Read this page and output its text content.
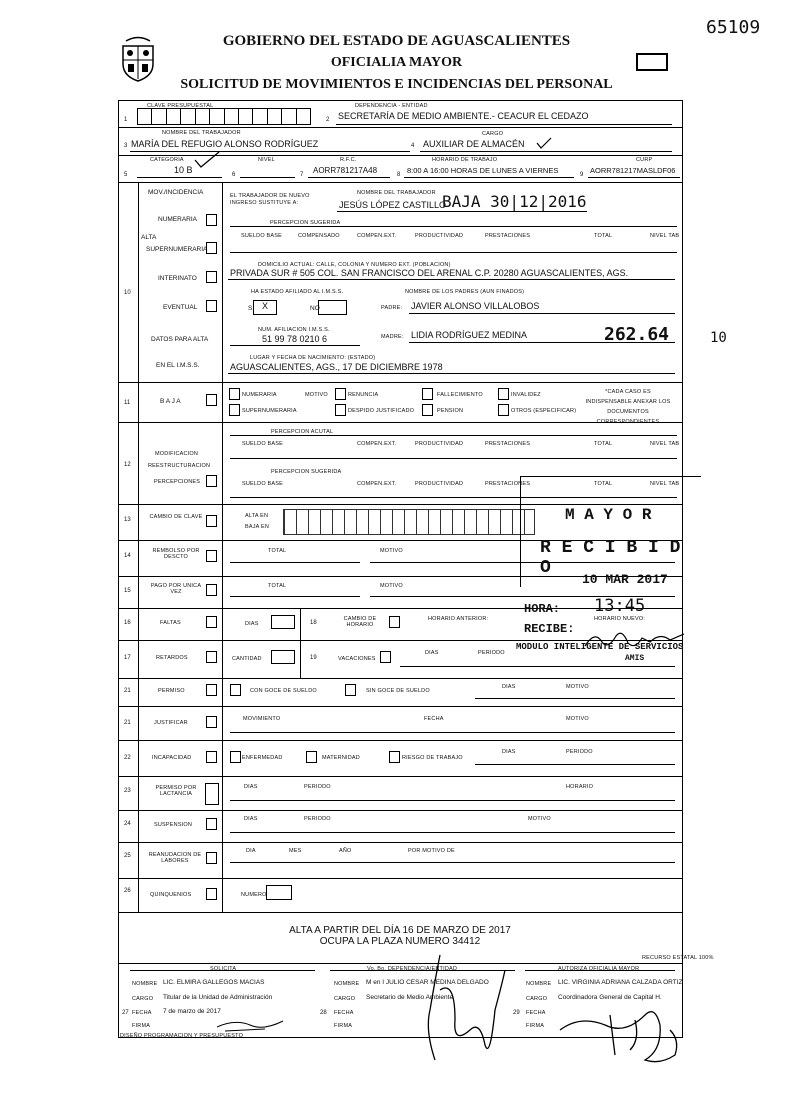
GOBIERNO DEL ESTADO DE AGUASCALIENTES
OFICIALIA MAYOR
SOLICITUD DE MOVIMIENTOS E INCIDENCIAS DEL PERSONAL
65109
1
CLAVE PRESUPUESTAL
2
DEPENDENCIA - ENTIDAD
SECRETARÍA DE MEDIO AMBIENTE.- CEACUR EL CEDAZO
NOMBRE DEL TRABAJADOR
3 MARÍA DEL REFUGIO ALONSO RODRÍGUEZ
CARGO
4 AUXILIAR DE ALMACÉN
CATEGORIA
5	10 B
NIVEL
6
R.F.C.
7 AORR781217A48
HORARIO DE TRABAJO
8 8:00 A 16:00 HORAS DE LUNES A VIERNES
CURP
9 AORR781217MASLDF06
MOV./INCIDENCIA
10
EL TRABAJADOR DE NUEVO INGRESO SUSTITUYE A:
NOMBRE DEL TRABAJADOR
JESÚS LÓPEZ CASTILLO
BAJA 30|12|2016
NUMERARIA
ALTA
SUPERNUMERARIA
INTERINATO
EVENTUAL
DATOS PARA ALTA
EN EL I.M.S.S.
PERCEPCION SUGERIDA
SUELDO BASE	COMPENSADO	COMPEN.EXT.	PRODUCTIVIDAD	PRESTACIONES	TOTAL	NIVEL TAB
DOMICILIO ACTUAL: CALLE, COLONIA Y NUMERO EXT. (POBLACION)
PRIVADA SUR # 505 COL. SAN FRANCISCO DEL ARENAL C.P. 20280 AGUASCALIENTES, AGS.
HA ESTADO AFILIADO AL I.M.S.S.
SI X	NO
NOMBRE DE LOS PADRES (AUN FINADOS)
PADRE: JAVIER ALONSO VILLALOBOS
NUM. AFILIACION I.M.S.S.
51 99 78 0210 6	MADRE: LIDIA RODRÍGUEZ MEDINA	262.64	10
LUGAR Y FECHA DE NACIMIENTO: (ESTADO)
AGUASCALIENTES, AGS., 17 DE DICIEMBRE 1978
11	B A J A
NUMERARIA	MOTIVO	RENUNCIA	FALLECIMIENTO	INVALIDEZ
SUPERNUMERARIA	DESPIDO JUSTIFICADO	PENSION	OTROS (ESPECIFICAR)
*CADA CASO ES INDISPENSABLE ANEXAR LOS DOCUMENTOS CORRESPONDIENTES
12
MODIFICACION
REESTRUCTURACION
PERCEPCIONES
PERCEPCION ACUTAL
SUELDO BASE	COMPEN.EXT.	PRODUCTIVIDAD	PRESTACIONES	TOTAL	NIVEL TAB
PERCEPCION SUGERIDA
SUELDO BASE	COMPEN.EXT.	PRODUCTIVIDAD	PRESTACIONES	TOTAL	NIVEL TAB
13	CAMBIO DE CLAVE	ALTA EN
BAJA EN
14
REMBOLSO POR DESCTO
TOTAL	MOTIVO
15
PAGO POR UNICA VEZ
TOTAL	MOTIVO
16	FALTAS	DIAS	18
CAMBIO DE HORARIO
HORARIO ANTERIOR:	HORARIO NUEVO:
17	RETARDOS	CANTIDAD	19	VACACIONES
DIAS	PERIODO
21	PERMISO	CON GOCE DE SUELDO	SIN GOCE DE SUELDO
DIAS	MOTIVO
21	JUSTIFICAR
MOVIMIENTO	FECHA	MOTIVO
22	INCAPACIDAD	ENFERMEDAD	MATERNIDAD	RIESGO DE TRABAJO
DIAS	PERIODO
23	PERMISO POR LACTANCIA
DIAS	PERIODO	HORARIO
24	SUSPENSION
DIAS	PERIODO	MOTIVO
25	REANUDACION DE LABORES
DIA	MES	AÑO	POR MOTIVO DE
26
QUINQUENIOS	NUMERO
M A Y O R
R E C I B I D O
10 MAR 2017
HORA: 13:45
RECIBE:
MODULO INTELIGENTE DE SERVICIOS
AMIS
ALTA A PARTIR DEL DÍA 16 DE MARZO DE 2017
OCUPA LA PLAZA NUMERO 34412
RECURSO ESTATAL 100%
SOLICITA	Vo. Bo. DEPENDENCIA/ENTIDAD	AUTORIZA OFICIALIA MAYOR
NOMBRE LIC. ELMIRA GALLEGOS MACIAS
CARGO Titular de la Unidad de Administración
27 FECHA 7 de marzo de 2017
FIRMA
NOMBRE M en I JULIO CESAR MEDINA DELGADO
CARGO Secretario de Medio Ambiente
28 FECHA
FIRMA
NOMBRE LIC. VIRGINIA ADRIANA CALZADA ORTIZ
CARGO Coordinadora General de Capital H.
29 FECHA
FIRMA
DISEÑO PROGRAMACION Y PRESUPUESTO
